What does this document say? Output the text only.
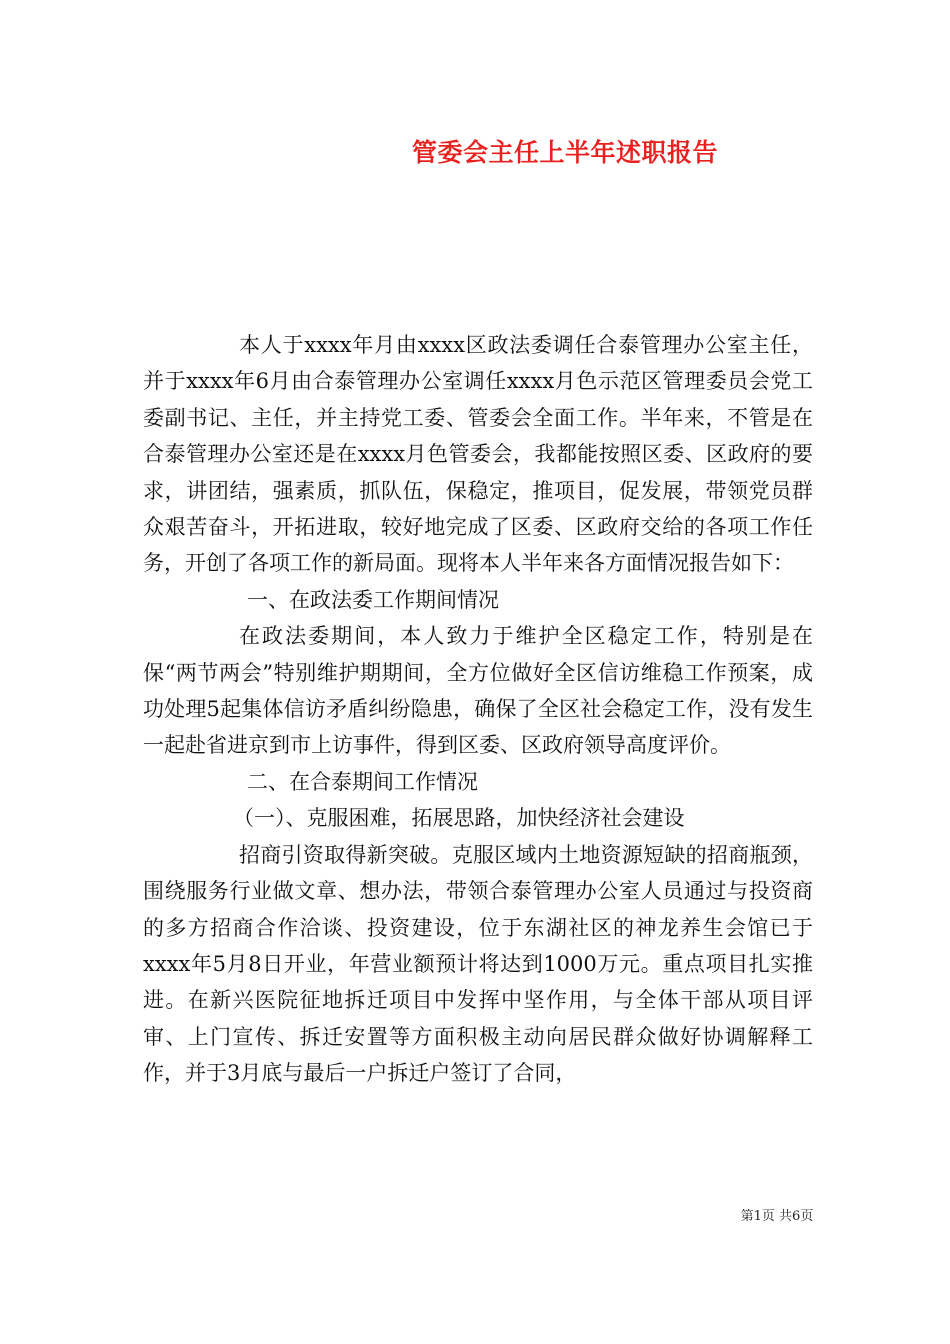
管委会主任上半年述职报告

本人于xxxx年月由xxxx区政法委调任合泰管理办公室主任，并于xxxx年6月由合泰管理办公室调任xxxx月色示范区管理委员会党工委副书记、主任，并主持党工委、管委会全面工作。半年来，不管是在合泰管理办公室还是在xxxx月色管委会，我都能按照区委、区政府的要求，讲团结，强素质，抓队伍，保稳定，推项目，促发展，带领党员群众艰苦奋斗，开拓进取，较好地完成了区委、区政府交给的各项工作任务，开创了各项工作的新局面。现将本人半年来各方面情况报告如下：

一、在政法委工作期间情况

在政法委期间，本人致力于维护全区稳定工作，特别是在保“两节两会”特别维护期期间，全方位做好全区信访维稳工作预案，成功处理5起集体信访矛盾纠纷隐患，确保了全区社会稳定工作，没有发生一起赴省进京到市上访事件，得到区委、区政府领导高度评价。

二、在合泰期间工作情况

（一）、克服困难，拓展思路，加快经济社会建设

招商引资取得新突破。克服区域内土地资源短缺的招商瓶颈，围绕服务行业做文章、想办法，带领合泰管理办公室人员通过与投资商的多方招商合作洽谈、投资建设，位于东湖社区的神龙养生会馆已于xxxx年5月8日开业，年营业额预计将达到1000万元。重点项目扎实推进。在新兴医院征地拆迁项目中发挥中坚作用，与全体干部从项目评审、上门宣传、拆迁安置等方面积极主动向居民群众做好协调解释工作，并于3月底与最后一户拆迁户签订了合同，

第1页 共6页
